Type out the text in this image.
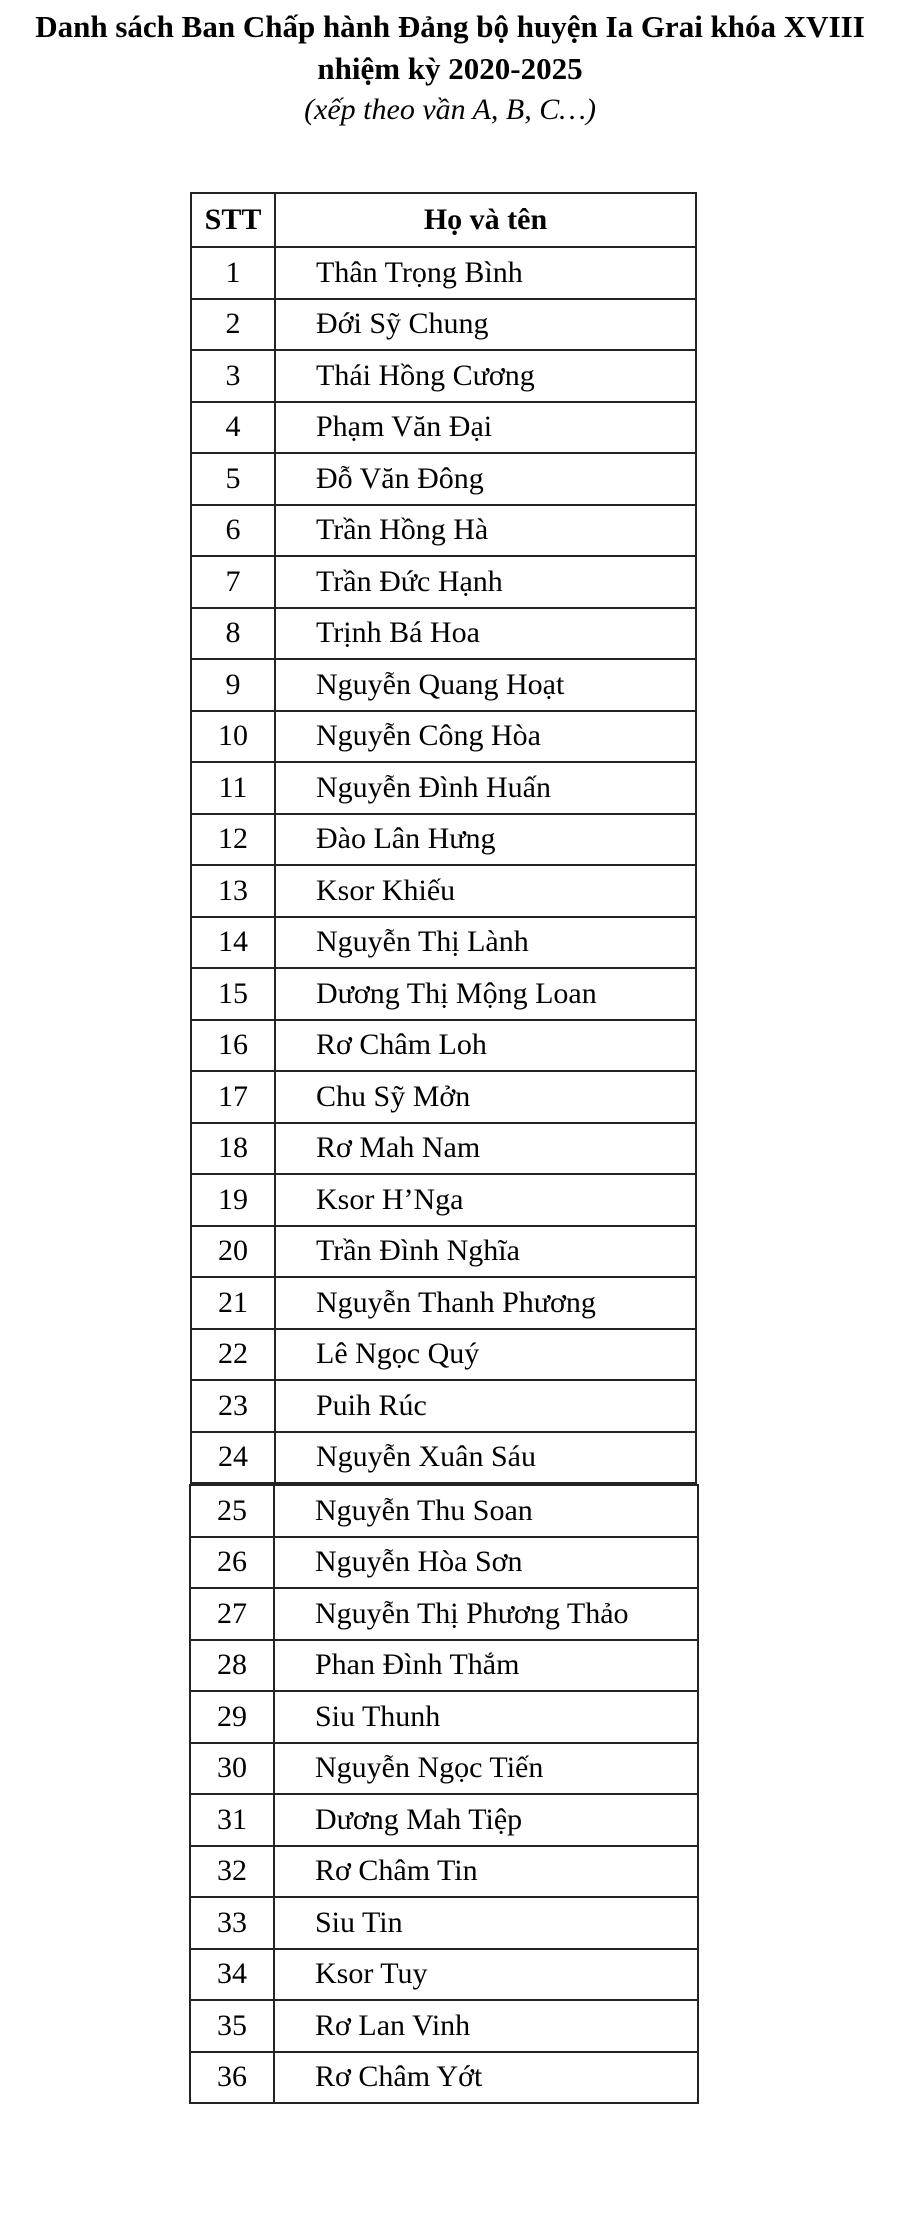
Danh sách Ban Chấp hành Đảng bộ huyện Ia Grai khóa XVIII
nhiệm kỳ 2020-2025
(xếp theo vần A, B, C…)
STT	Họ và tên
1	Thân Trọng Bình
2	Đới Sỹ Chung
3	Thái Hồng Cương
4	Phạm Văn Đại
5	Đỗ Văn Đông
6	Trần Hồng Hà
7	Trần Đức Hạnh
8	Trịnh Bá Hoa
9	Nguyễn Quang Hoạt
10	Nguyễn Công Hòa
11	Nguyễn Đình Huấn
12	Đào Lân Hưng
13	Ksor Khiếu
14	Nguyễn Thị Lành
15	Dương Thị Mộng Loan
16	Rơ Châm Loh
17	Chu Sỹ Mởn
18	Rơ Mah Nam
19	Ksor H’Nga
20	Trần Đình Nghĩa
21	Nguyễn Thanh Phương
22	Lê Ngọc Quý
23	Puih Rúc
24	Nguyễn Xuân Sáu
25	Nguyễn Thu Soan
26	Nguyễn Hòa Sơn
27	Nguyễn Thị Phương Thảo
28	Phan Đình Thắm
29	Siu Thunh
30	Nguyễn Ngọc Tiến
31	Dương Mah Tiệp
32	Rơ Châm Tin
33	Siu Tin
34	Ksor Tuy
35	Rơ Lan Vinh
36	Rơ Châm Yớt
